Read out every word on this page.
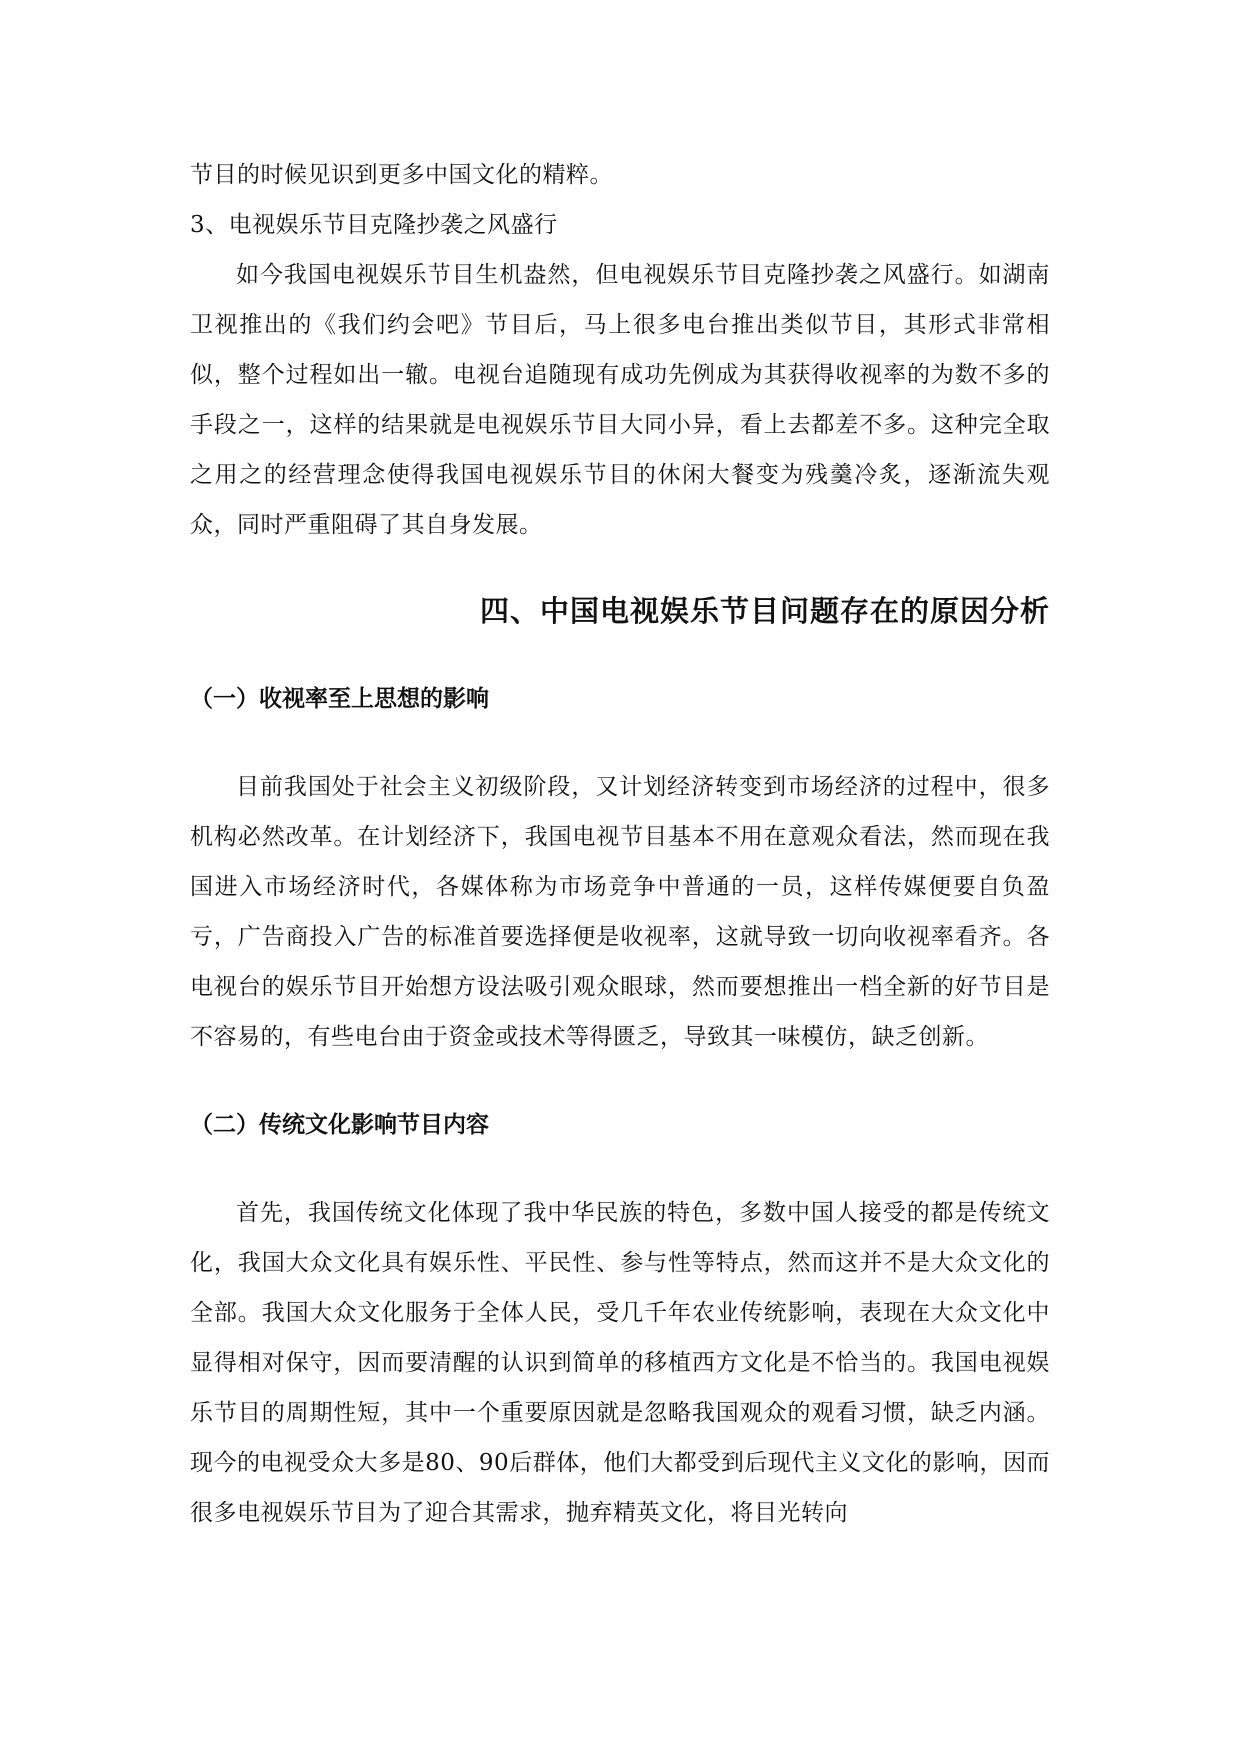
节目的时候见识到更多中国文化的精粹。

3、电视娱乐节目克隆抄袭之风盛行

如今我国电视娱乐节目生机盎然，但电视娱乐节目克隆抄袭之风盛行。如湖南卫视推出的《我们约会吧》节目后，马上很多电台推出类似节目，其形式非常相似，整个过程如出一辙。电视台追随现有成功先例成为其获得收视率的为数不多的手段之一，这样的结果就是电视娱乐节目大同小异，看上去都差不多。这种完全取之用之的经营理念使得我国电视娱乐节目的休闲大餐变为残羹冷炙，逐渐流失观众，同时严重阻碍了其自身发展。

四、中国电视娱乐节目问题存在的原因分析
（一）收视率至上思想的影响

目前我国处于社会主义初级阶段，又计划经济转变到市场经济的过程中，很多机构必然改革。在计划经济下，我国电视节目基本不用在意观众看法，然而现在我国进入市场经济时代，各媒体称为市场竞争中普通的一员，这样传媒便要自负盈亏，广告商投入广告的标准首要选择便是收视率，这就导致一切向收视率看齐。各电视台的娱乐节目开始想方设法吸引观众眼球，然而要想推出一档全新的好节目是不容易的，有些电台由于资金或技术等得匮乏，导致其一味模仿，缺乏创新。

（二）传统文化影响节目内容

首先，我国传统文化体现了我中华民族的特色，多数中国人接受的都是传统文化，我国大众文化具有娱乐性、平民性、参与性等特点，然而这并不是大众文化的全部。我国大众文化服务于全体人民，受几千年农业传统影响，表现在大众文化中显得相对保守，因而要清醒的认识到简单的移植西方文化是不恰当的。我国电视娱乐节目的周期性短，其中一个重要原因就是忽略我国观众的观看习惯，缺乏内涵。现今的电视受众大多是80、90后群体，他们大都受到后现代主义文化的影响，因而很多电视娱乐节目为了迎合其需求，抛弃精英文化，将目光转向
